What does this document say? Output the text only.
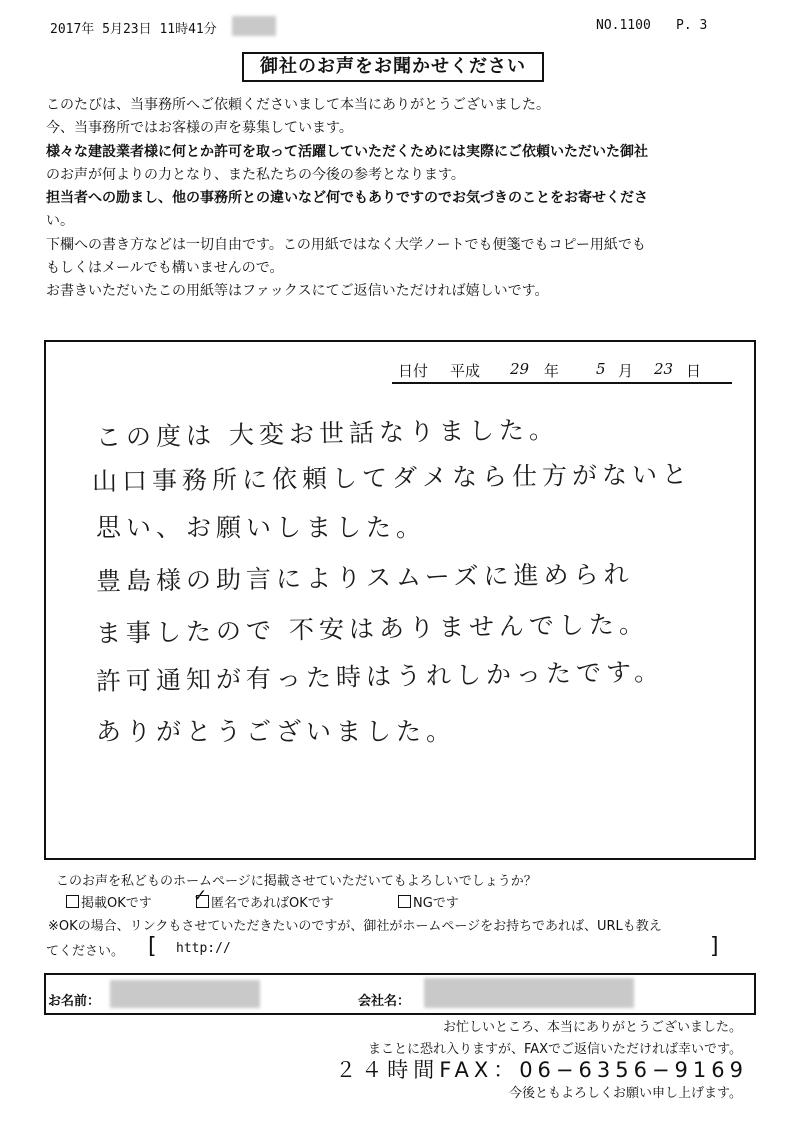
2017年 5月23日 11時41分	NO.1100 P. 3
御社のお声をお聞かせください

このたびは、当事務所へご依頼くださいまして本当にありがとうございました。

今、当事務所ではお客様の声を募集しています。

様々な建設業者様に何とか許可を取って活躍していただくためには実際にご依頼いただいた御社

のお声が何よりの力となり、また私たちの今後の参考となります。

担当者への励まし、他の事務所との違いなど何でもありですのでお気づきのことをお寄せくださ

い。

下欄への書き方などは一切自由です。この用紙ではなく大学ノートでも便箋でもコピー用紙でも

もしくはメールでも構いませんので。

お書きいただいたこの用紙等はファックスにてご返信いただければ嬉しいです。

日付 平成 29 年 5 月 23 日
この度は 大変お世話なりました。
山口事務所に依頼してダメなら仕方がないと
思い、お願いしました。
豊島様の助言によりスムーズに進められ
ま事したので 不安はありませんでした。
許可通知が有った時はうれしかったです。
ありがとうございました。
このお声を私どものホームページに掲載させていただいてもよろしいでしょうか？
掲載OKです ✓ 匿名であればOKです	NGです
※OKの場合、リンクもさせていただきたいのですが、御社がホームページをお持ちであれば、URLも教え
てください。 [ http://	]
お名前：	会社名：
お忙しいところ、本当にありがとうございました。
まことに恐れ入りますが、FAXでご返信いただければ幸いです。
２４時間FAX：06−6356−9169
今後ともよろしくお願い申し上げます。
